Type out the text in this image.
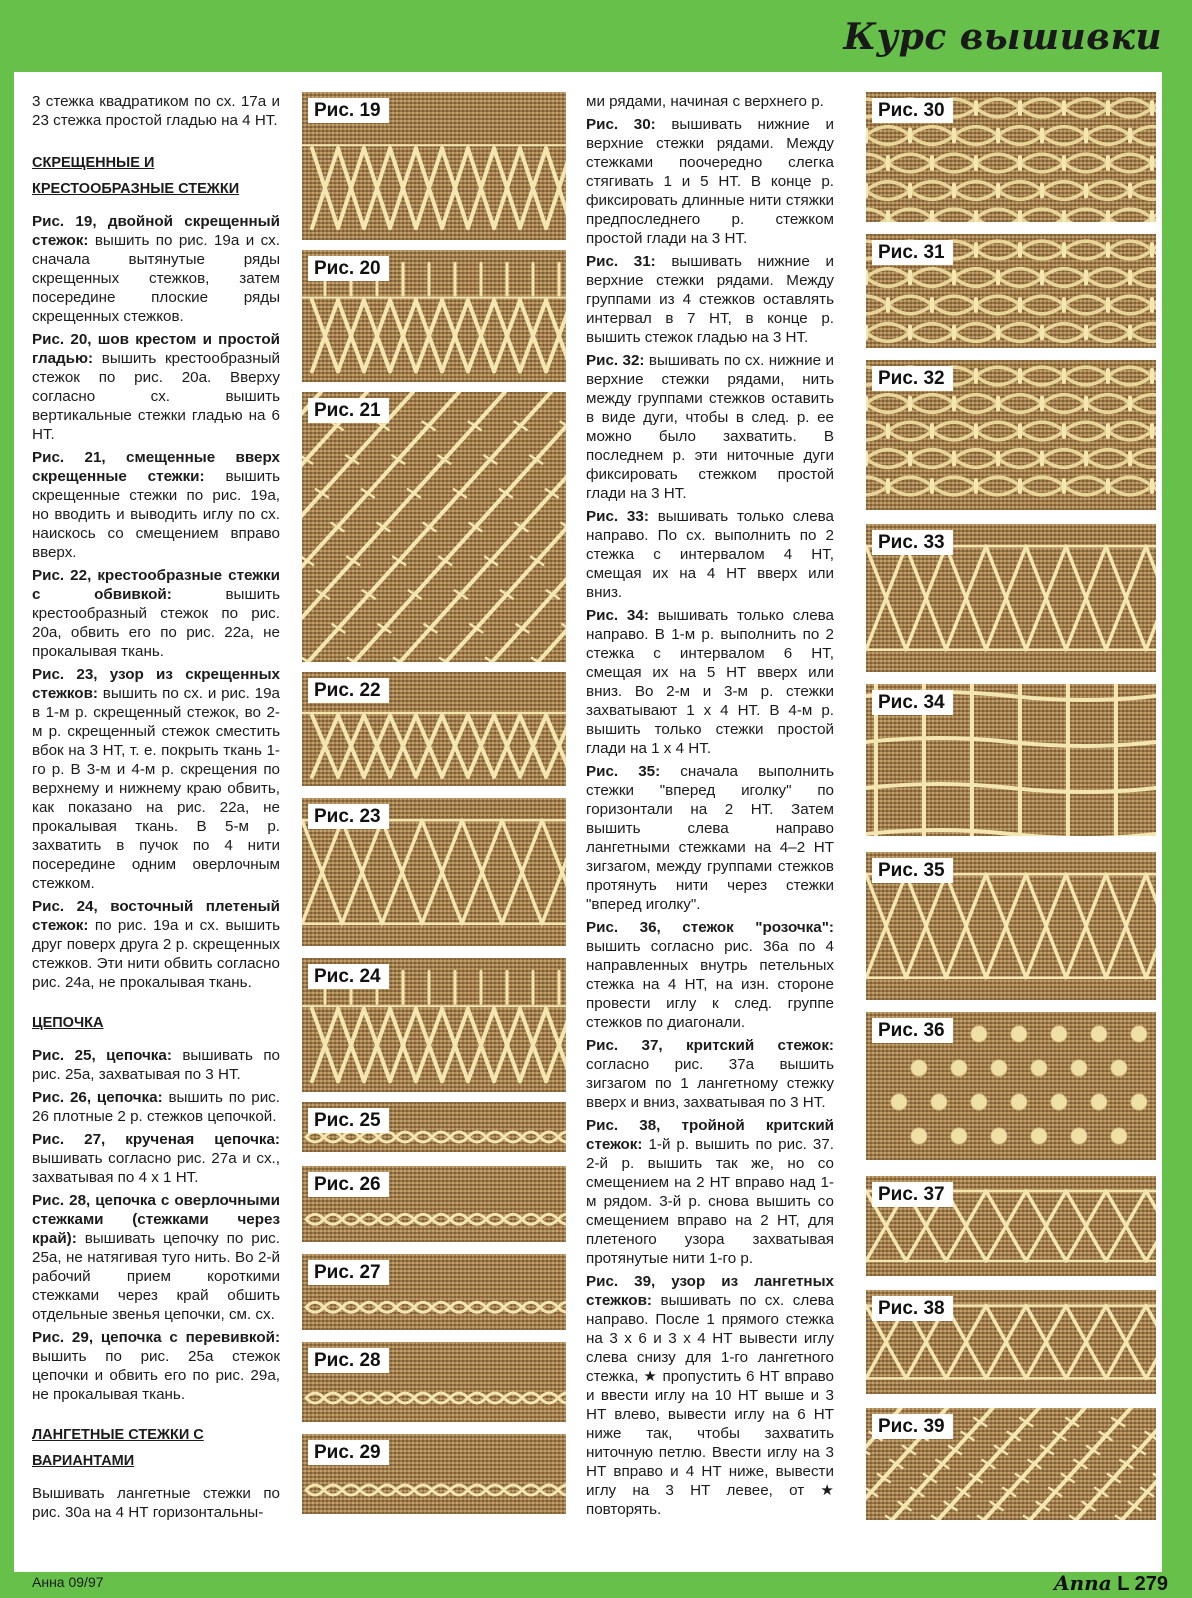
Курс вышивки

3 стежка квадратиком по сх. 17а и 23 стежка простой гладью на 4 НТ.

СКРЕЩЕННЫЕ И КРЕСТООБРАЗНЫЕ СТЕЖКИ

Рис. 19, двойной скрещенный стежок: вышить по рис. 19а и сх. сначала вытянутые ряды скрещенных стежков, затем посередине плоские ряды скрещенных стежков.

Рис. 20, шов крестом и простой гладью: вышить крестообразный стежок по рис. 20а. Вверху согласно сх. вышить вертикальные стежки гладью на 6 НТ.

Рис. 21, смещенные вверх скрещенные стежки: вышить скрещенные стежки по рис. 19а, но вводить и выводить иглу по сх. наискось со смещением вправо вверх.

Рис. 22, крестообразные стежки с обвивкой: вышить крестообразный стежок по рис. 20а, обвить его по рис. 22а, не прокалывая ткань.

Рис. 23, узор из скрещенных стежков: вышить по сх. и рис. 19а в 1-м р. скрещенный стежок, во 2-м р. скрещенный стежок сместить вбок на 3 НТ, т. е. покрыть ткань 1-го р. В 3-м и 4-м р. скрещения по верхнему и нижнему краю обвить, как показано на рис. 22а, не прокалывая ткань. В 5-м р. захватить в пучок по 4 нити посередине одним оверлочным стежком.

Рис. 24, восточный плетеный стежок: по рис. 19а и сх. вышить друг поверх друга 2 р. скрещенных стежков. Эти нити обвить согласно рис. 24а, не прокалывая ткань.

ЦЕПОЧКА

Рис. 25, цепочка: вышивать по рис. 25а, захватывая по 3 НТ.

Рис. 26, цепочка: вышить по рис. 26 плотные 2 р. стежков цепочкой.

Рис. 27, крученая цепочка: вышивать согласно рис. 27а и сх., захватывая по 4 х 1 НТ.

Рис. 28, цепочка с оверлочными стежками (стежками через край): вышивать цепочку по рис. 25а, не натягивая туго нить. Во 2-й рабочий прием короткими стежками через край обшить отдельные звенья цепочки, см. сх.

Рис. 29, цепочка с перевивкой: вышить по рис. 25а стежок цепочки и обвить его по рис. 29а, не прокалывая ткань.

ЛАНГЕТНЫЕ СТЕЖКИ С ВАРИАНТАМИ

Вышивать лангетные стежки по рис. 30а на 4 НТ горизонтальны-

ми рядами, начиная с верхнего р.

Рис. 30: вышивать нижние и верхние стежки рядами. Между стежками поочередно слегка стягивать 1 и 5 НТ. В конце р. фиксировать длинные нити стяжки предпоследнего р. стежком простой глади на 3 НТ.

Рис. 31: вышивать нижние и верхние стежки рядами. Между группами из 4 стежков оставлять интервал в 7 НТ, в конце р. вышить стежок гладью на 3 НТ.

Рис. 32: вышивать по сх. нижние и верхние стежки рядами, нить между группами стежков оставить в виде дуги, чтобы в след. р. ее можно было захватить. В последнем р. эти ниточные дуги фиксировать стежком простой глади на 3 НТ.

Рис. 33: вышивать только слева направо. По сх. выполнить по 2 стежка с интервалом 4 НТ, смещая их на 4 НТ вверх или вниз.

Рис. 34: вышивать только слева направо. В 1-м р. выполнить по 2 стежка с интервалом 6 НТ, смещая их на 5 НТ вверх или вниз. Во 2-м и 3-м р. стежки захватывают 1 х 4 НТ. В 4-м р. вышить только стежки простой глади на 1 х 4 НТ.

Рис. 35: сначала выполнить стежки "вперед иголку" по горизонтали на 2 НТ. Затем вышить слева направо лангетными стежками на 4–2 НТ зигзагом, между группами стежков протянуть нити через стежки "вперед иголку".

Рис. 36, стежок "розочка": вышить согласно рис. 36а по 4 направленных внутрь петельных стежка на 4 НТ, на изн. стороне провести иглу к след. группе стежков по диагонали.

Рис. 37, критский стежок: согласно рис. 37а вышить зигзагом по 1 лангетному стежку вверх и вниз, захватывая по 3 НТ.

Рис. 38, тройной критский стежок: 1-й р. вышить по рис. 37. 2-й р. вышить так же, но со смещением на 2 НТ вправо над 1-м рядом. 3-й р. снова вышить со смещением вправо на 2 НТ, для плетеного узора захватывая протянутые нити 1-го р.

Рис. 39, узор из лангетных стежков: вышивать по сх. слева направо. После 1 прямого стежка на 3 х 6 и 3 х 4 НТ вывести иглу слева снизу для 1-го лангетного стежка, ★ пропустить 6 НТ вправо и ввести иглу на 10 НТ выше и 3 НТ влево, вывести иглу на 6 НТ ниже так, чтобы захватить ниточную петлю. Ввести иглу на 3 НТ вправо и 4 НТ ниже, вывести иглу на 3 НТ левее, от ★ повторять.

Рис. 19
Рис. 20
Рис. 21
Рис. 22
Рис. 23
Рис. 24
Рис. 25
Рис. 26
Рис. 27
Рис. 28
Рис. 29
Рис. 30
Рис. 31
Рис. 32
Рис. 33
Рис. 34
Рис. 35
Рис. 36
Рис. 37
Рис. 38
Рис. 39
Анна 09/97	Anna L 279
